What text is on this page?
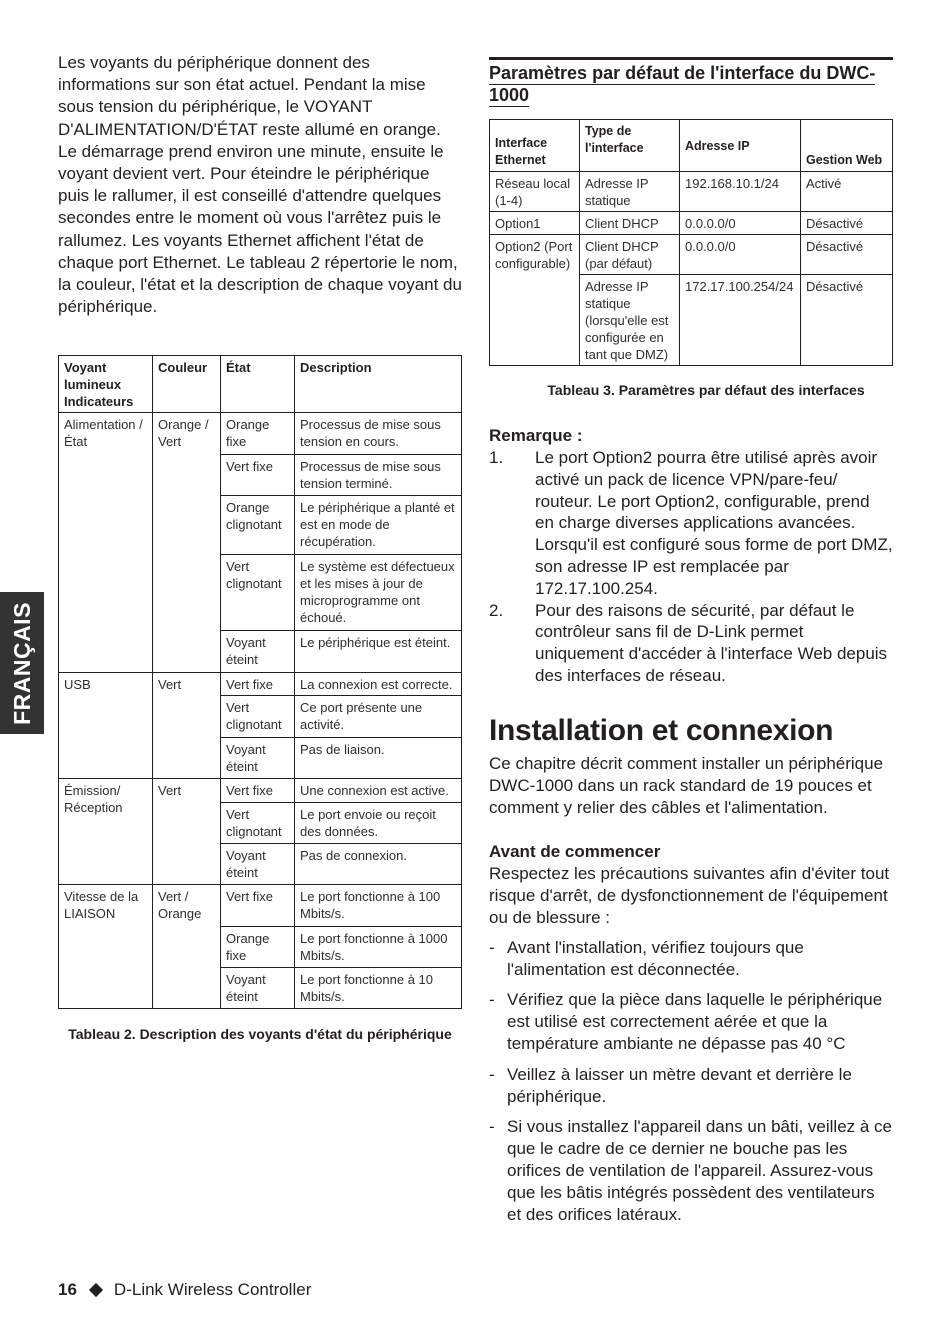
FRANÇAIS

Les voyants du périphérique donnent des informations sur son état actuel. Pendant la mise sous tension du périphérique, le VOYANT D'ALIMENTATION/D'ÉTAT reste allumé en orange. Le démarrage prend environ une minute, ensuite le voyant devient vert. Pour éteindre le périphérique puis le rallumer, il est conseillé d'attendre quelques secondes entre le moment où vous l'arrêtez puis le rallumez. Les voyants Ethernet affichent l'état de chaque port Ethernet. Le tableau 2 répertorie le nom, la couleur, l'état et la description de chaque voyant du périphérique.

Voyant lumineux Indicateurs	Couleur	État	Description
Alimentation / État	Orange / Vert	Orange fixe	Processus de mise sous tension en cours.
		Vert fixe	Processus de mise sous tension terminé.
		Orange clignotant	Le périphérique a planté et est en mode de récupération.
		Vert clignotant	Le système est défectueux et les mises à jour de microprogramme ont échoué.
		Voyant éteint	Le périphérique est éteint.
USB	Vert	Vert fixe	La connexion est correcte.
		Vert clignotant	Ce port présente une activité.
		Voyant éteint	Pas de liaison.
Émission/ Réception	Vert	Vert fixe	Une connexion est active.
		Vert clignotant	Le port envoie ou reçoit des données.
		Voyant éteint	Pas de connexion.
Vitesse de la LIAISON	Vert / Orange	Vert fixe	Le port fonctionne à 100 Mbits/s.
		Orange fixe	Le port fonctionne à 1000 Mbits/s.
		Voyant éteint	Le port fonctionne à 10 Mbits/s.
Tableau 2. Description des voyants d'état du périphérique
Paramètres par défaut de l'interface du DWC-1000
Interface Ethernet	Type de l'interface	Adresse IP	Gestion Web
Réseau local (1-4)	Adresse IP statique	192.168.10.1/24	Activé
Option1	Client DHCP	0.0.0.0/0	Désactivé
Option2 (Port configurable)	Client DHCP (par défaut)	0.0.0.0/0	Désactivé
	Adresse IP statique (lorsqu'elle est configurée en tant que DMZ)	172.17.100.254/24	Désactivé
Tableau 3. Paramètres par défaut des interfaces
Remarque :
1.	Le port Option2 pourra être utilisé après avoir activé un pack de licence VPN/pare-feu/ routeur. Le port Option2, configurable, prend en charge diverses applications avancées. Lorsqu'il est configuré sous forme de port DMZ, son adresse IP est remplacée par 172.17.100.254.
2.	Pour des raisons de sécurité, par défaut le contrôleur sans fil de D-Link permet uniquement d'accéder à l'interface Web depuis des interfaces de réseau.
Installation et connexion

Ce chapitre décrit comment installer un périphérique DWC-1000 dans un rack standard de 19 pouces et comment y relier des câbles et l'alimentation.

Avant de commencer

Respectez les précautions suivantes afin d'éviter tout risque d'arrêt, de dysfonctionnement de l'équipement ou de blessure :

- Avant l'installation, vérifiez toujours que l'alimentation est déconnectée.
- Vérifiez que la pièce dans laquelle le périphérique est utilisé est correctement aérée et que la température ambiante ne dépasse pas 40 °C
- Veillez à laisser un mètre devant et derrière le périphérique.
- Si vous installez l'appareil dans un bâti, veillez à ce que le cadre de ce dernier ne bouche pas les orifices de ventilation de l'appareil. Assurez-vous que les bâtis intégrés possèdent des ventilateurs et des orifices latéraux.
16 D-Link Wireless Controller
